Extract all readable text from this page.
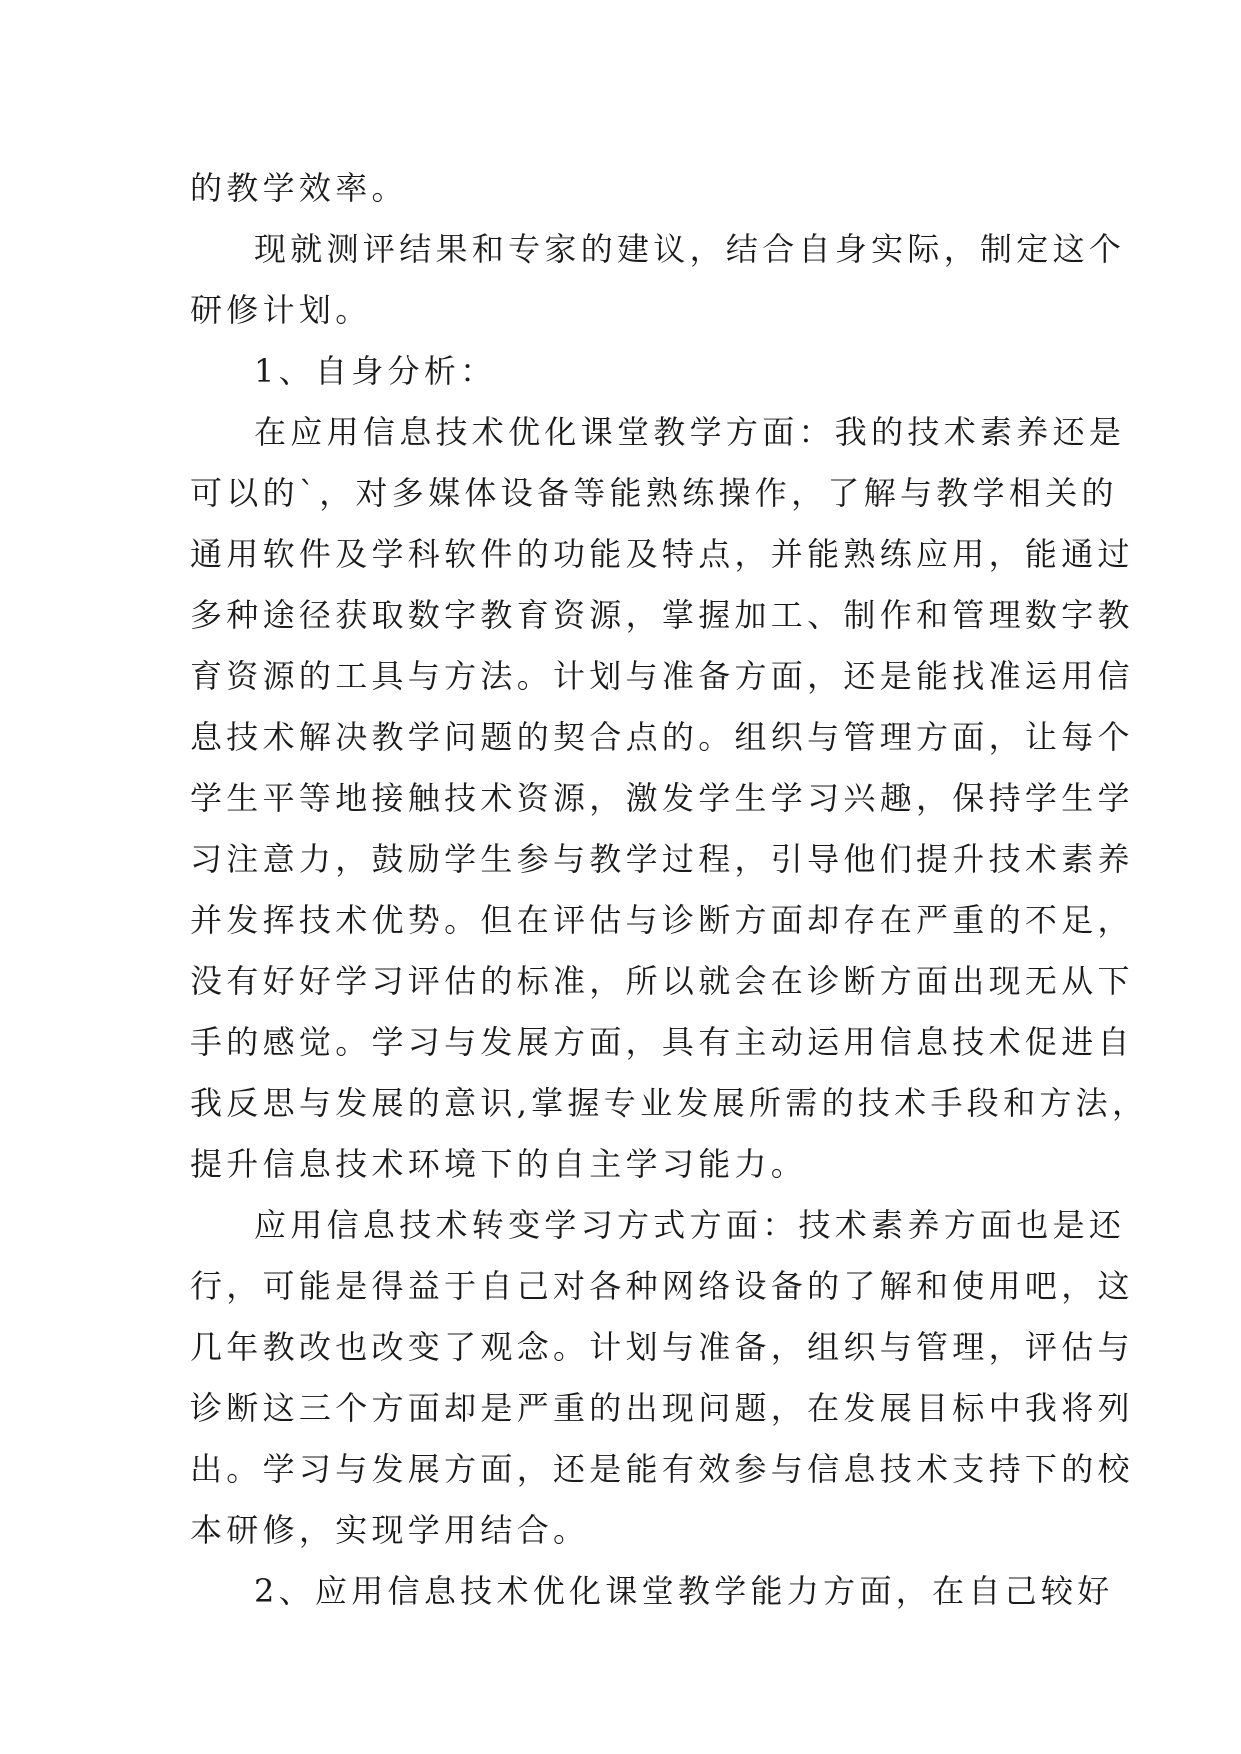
的教学效率。
现就测评结果和专家的建议，结合自身实际，制定这个
研修计划。
1、自身分析：
在应用信息技术优化课堂教学方面：我的技术素养还是
可以的`，对多媒体设备等能熟练操作，了解与教学相关的
通用软件及学科软件的功能及特点，并能熟练应用，能通过
多种途径获取数字教育资源，掌握加工、制作和管理数字教
育资源的工具与方法。计划与准备方面，还是能找准运用信
息技术解决教学问题的契合点的。组织与管理方面，让每个
学生平等地接触技术资源，激发学生学习兴趣，保持学生学
习注意力，鼓励学生参与教学过程，引导他们提升技术素养
并发挥技术优势。但在评估与诊断方面却存在严重的不足，
没有好好学习评估的标准，所以就会在诊断方面出现无从下
手的感觉。学习与发展方面，具有主动运用信息技术促进自
我反思与发展的意识,掌握专业发展所需的技术手段和方法，
提升信息技术环境下的自主学习能力。
应用信息技术转变学习方式方面：技术素养方面也是还
行，可能是得益于自己对各种网络设备的了解和使用吧，这
几年教改也改变了观念。计划与准备，组织与管理，评估与
诊断这三个方面却是严重的出现问题，在发展目标中我将列
出。学习与发展方面，还是能有效参与信息技术支持下的校
本研修，实现学用结合。
2、应用信息技术优化课堂教学能力方面，在自己较好
